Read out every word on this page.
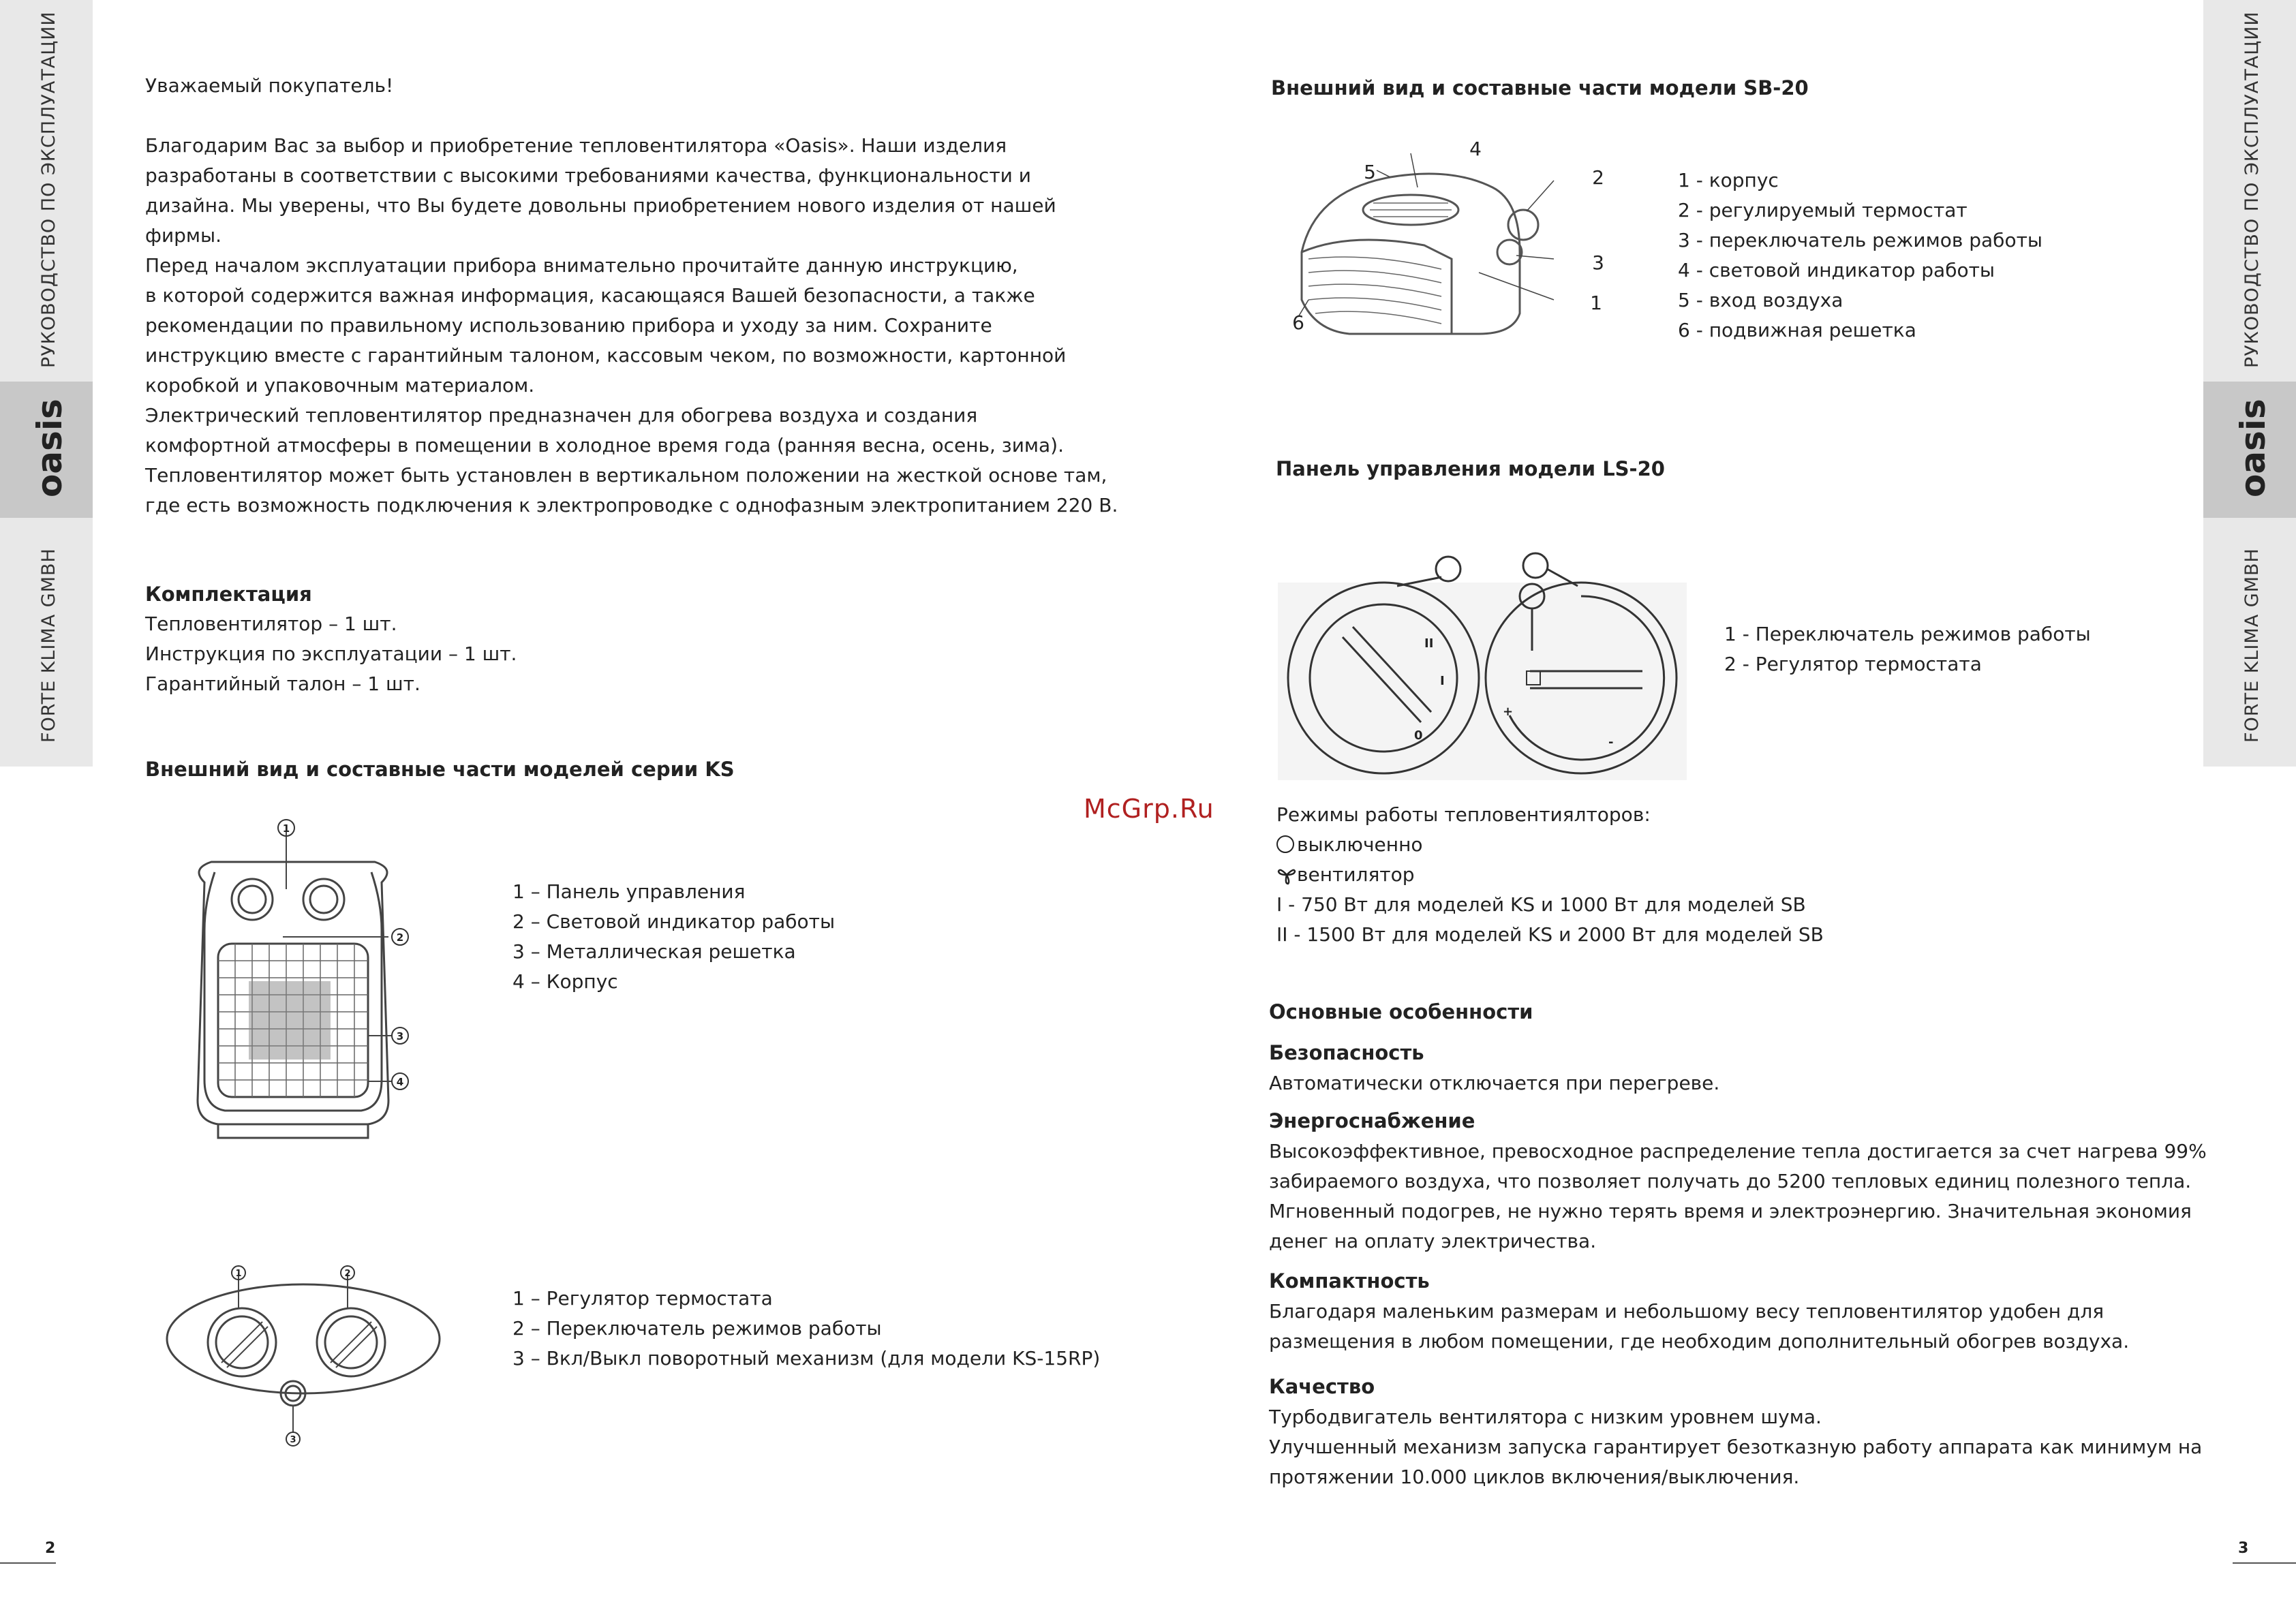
РУКОВОДСТВО ПО ЭКСПЛУАТАЦИИ
oasis
FORTE KLIMA GMBH
РУКОВОДСТВО ПО ЭКСПЛУАТАЦИИ
oasis
FORTE KLIMA GMBH
Уважаемый покупатель!
Благодарим Вас за выбор и приобретение тепловентилятора «Oasis». Наши изделия
разработаны в соответствии с высокими требованиями качества, функциональности и
дизайна. Мы уверены, что Вы будете довольны приобретением нового изделия от нашей
фирмы.
Перед началом эксплуатации прибора внимательно прочитайте данную инструкцию,
в которой содержится важная информация, касающаяся Вашей безопасности, а также
рекомендации по правильному использованию прибора и уходу за ним. Сохраните
инструкцию вместе с гарантийным талоном, кассовым чеком, по возможности, картонной
коробкой и упаковочным материалом.
Электрический тепловентилятор предназначен для обогрева воздуха и создания
комфортной атмосферы в помещении в холодное время года (ранняя весна, осень, зима).
Тепловентилятор может быть установлен в вертикальном положении на жесткой основе там,
где есть возможность подключения к электропроводке с однофазным электропитанием 220 В.
Комплектация
Тепловентилятор – 1 шт.
Инструкция по эксплуатации – 1 шт.
Гарантийный талон – 1 шт.
Внешний вид и составные части моделей серии KS
1
2
3
4
1 – Панель управления
2 – Световой индикатор работы
3 – Металлическая решетка
4 – Корпус
1	2
3
1 – Регулятор термостата
2 – Переключатель режимов работы
3 – Вкл/Выкл поворотный механизм (для модели KS-15RP)
2
McGrp.Ru
Внешний вид и составные части модели SB-20
4
5	2
3
1
6
1 - корпус
2 - регулируемый термостат
3 - переключатель режимов работы
4 - световой индикатор работы
5 - вход воздуха
6 - подвижная решетка
Панель управления модели LS-20
II
I
0
+
-
1 - Переключатель режимов работы
2 - Регулятор термостата
Режимы работы тепловентиялторов:
выключенно
вентилятор
I - 750 Вт для моделей KS и 1000 Вт для моделей SB
II - 1500 Вт для моделей KS и 2000 Вт для моделей SB
Основные особенности
Безопасность
Автоматически отключается при перегреве.
Энергоснабжение
Высокоэффективное, превосходное распределение тепла достигается за счет нагрева 99%
забираемого воздуха, что позволяет получать до 5200 тепловых единиц полезного тепла.
Мгновенный подогрев, не нужно терять время и электроэнергию. Значительная экономия
денег на оплату электричества.
Компактность
Благодаря маленьким размерам и небольшому весу тепловентилятор удобен для
размещения в любом помещении, где необходим дополнительный обогрев воздуха.
Качество
Турбодвигатель вентилятора с низким уровнем шума.
Улучшенный механизм запуска гарантирует безотказную работу аппарата как минимум на
протяжении 10.000 циклов включения/выключения.
3
